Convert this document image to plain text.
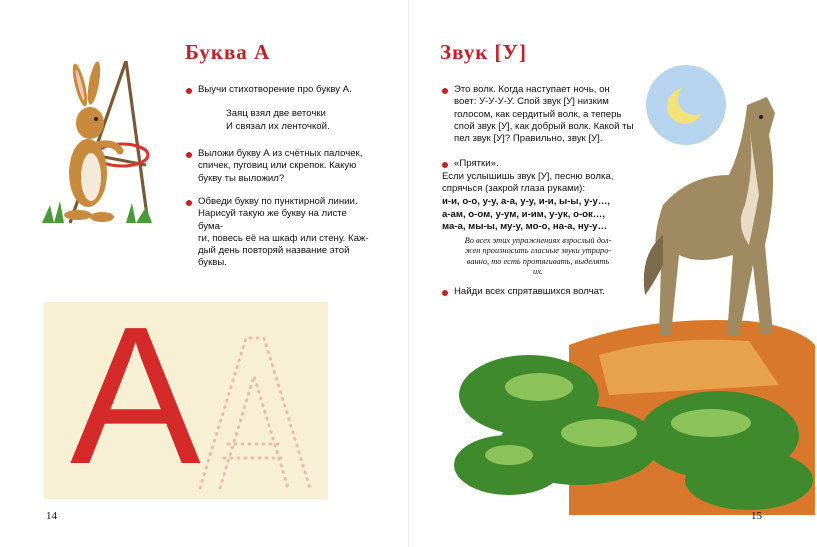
Буква А

Выучи стихотворение про букву А.

Заяц взял две веточки
И связал их ленточкой.

Выложи букву А из счётных палочек,

спичек, пуговиц или скрепок. Какую

букву ты выложил?

Обведи букву по пунктирной линии.

Нарисуй такую же букву на листе бума-

ги, повесь её на шкаф или стену. Каж-

дый день повторяй название этой

буквы.

А
14
Звук [У]

Это волк. Когда наступает ночь, он

воет: У-У-У-У. Спой звук [У] низким

голосом, как сердитый волк, а теперь

спой звук [У], как добрый волк. Какой ты

пел звук [У]? Правильно, звук [У].

«Прятки».

Если услышишь звук [У], песню волка,

спрячься (закрой глаза руками):

и-и, о-о, у-у, а-а, у-у, и-и, ы-ы, у-у…,
а-ам, о-ом, у-ум, и-им, у-ук, о-ок…,
ма-а, мы-ы, му-у, мо-о, на-а, ну-у…
Во всех этих упражнениях взрослый дол-
жен произносить гласные звуки утриро-
ванно, то есть протягивать, выделять
их.

Найди всех спрятавшихся волчат.

15
